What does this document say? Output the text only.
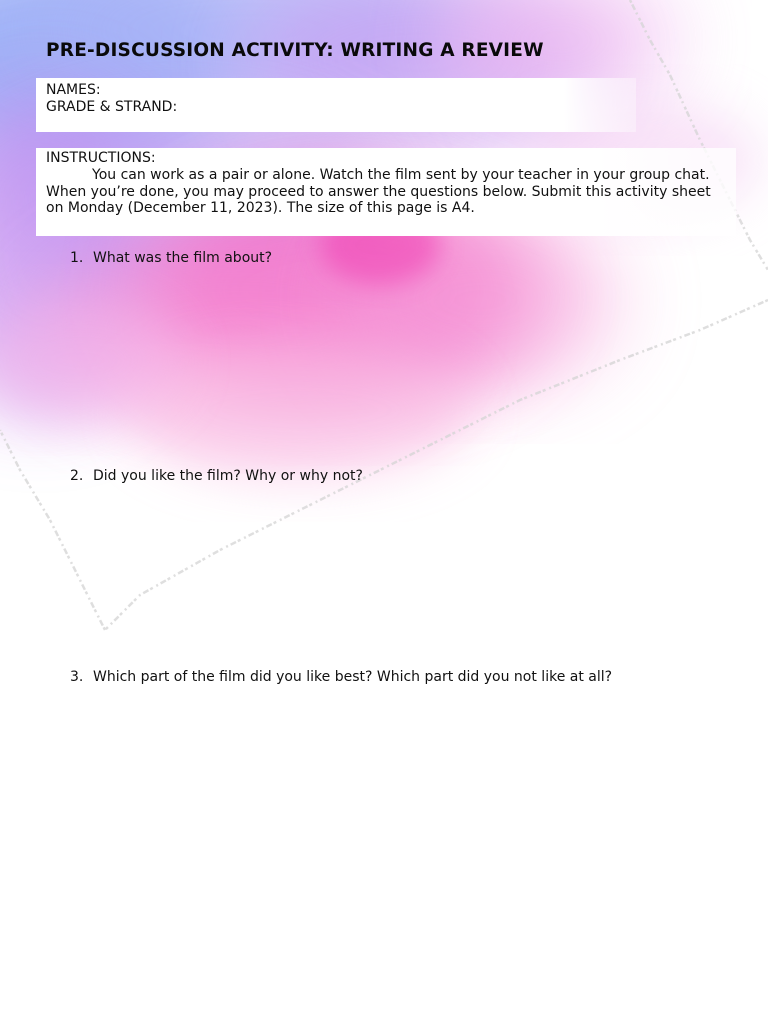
PRE-DISCUSSION ACTIVITY: WRITING A REVIEW
NAMES:
GRADE & STRAND:
INSTRUCTIONS:

You can work as a pair or alone. Watch the film sent by your teacher in your group chat. When you’re done, you may proceed to answer the questions below. Submit this activity sheet on Monday (December 11, 2023). The size of this page is A4.

1. What was the film about?
2. Did you like the film? Why or why not?
3. Which part of the film did you like best? Which part did you not like at all?
